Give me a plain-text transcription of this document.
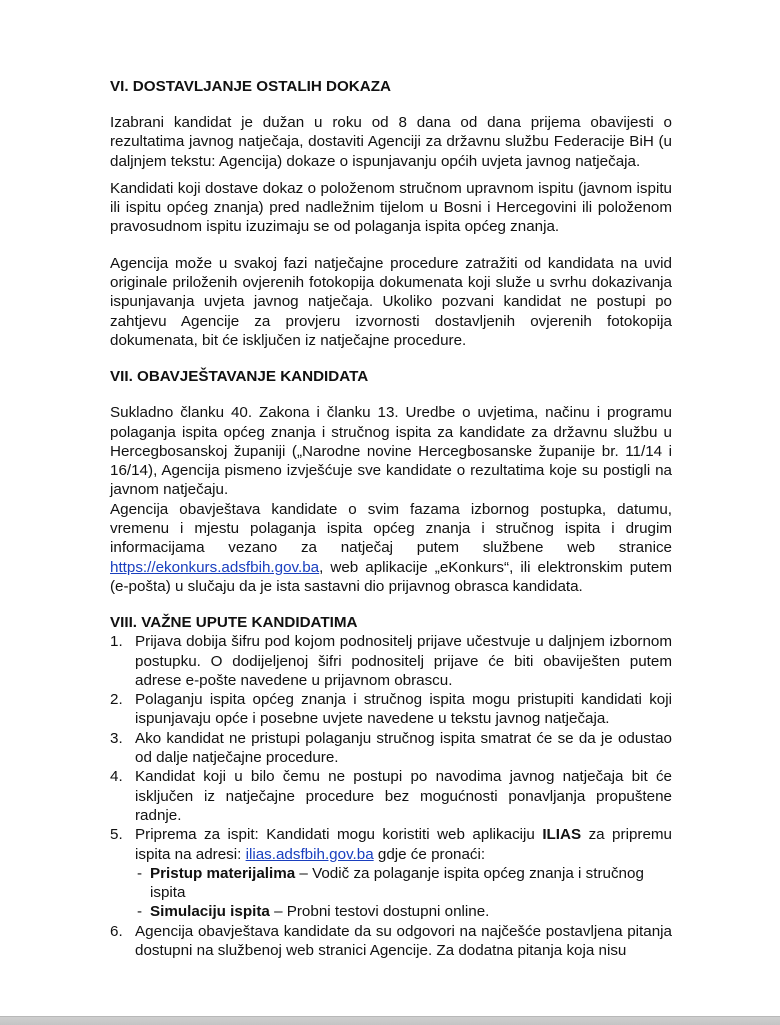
VI. DOSTAVLJANJE OSTALIH DOKAZA

Izabrani kandidat je dužan u roku od 8 dana od dana prijema obavijesti o rezultatima javnog natječaja, dostaviti Agenciji za državnu službu Federacije BiH (u daljnjem tekstu: Agencija) dokaze o ispunjavanju općih uvjeta javnog natječaja.

Kandidati koji dostave dokaz o položenom stručnom upravnom ispitu (javnom ispitu ili ispitu općeg znanja) pred nadležnim tijelom u Bosni i Hercegovini ili položenom pravosudnom ispitu izuzimaju se od polaganja ispita općeg znanja.

Agencija može u svakoj fazi natječajne procedure zatražiti od kandidata na uvid originale priloženih ovjerenih fotokopija dokumenata koji služe u svrhu dokazivanja ispunjavanja uvjeta javnog natječaja. Ukoliko pozvani kandidat ne postupi po zahtjevu Agencije za provjeru izvornosti dostavljenih ovjerenih fotokopija dokumenata, bit će isključen iz natječajne procedure.

VII. OBAVJEŠTAVANJE KANDIDATA

Sukladno članku 40. Zakona i članku 13. Uredbe o uvjetima, načinu i programu polaganja ispita općeg znanja i stručnog ispita za kandidate za državnu službu u Hercegbosanskoj županiji („Narodne novine Hercegbosanske županije br. 11/14 i 16/14), Agencija pismeno izvješćuje sve kandidate o rezultatima koje su postigli na javnom natječaju.

Agencija obavještava kandidate o svim fazama izbornog postupka, datumu, vremenu i mjestu polaganja ispita općeg znanja i stručnog ispita i drugim informacijama vezano za natječaj putem službene web stranice https://ekonkurs.adsfbih.gov.ba, web aplikacije „eKonkurs“, ili elektronskim putem (e-pošta) u slučaju da je ista sastavni dio prijavnog obrasca kandidata.

VIII. VAŽNE UPUTE KANDIDATIMA
1. Prijava dobija šifru pod kojom podnositelj prijave učestvuje u daljnjem izbornom postupku. O dodijeljenoj šifri podnositelj prijave će biti obaviješten putem adrese e-pošte navedene u prijavnom obrascu.
2. Polaganju ispita općeg znanja i stručnog ispita mogu pristupiti kandidati koji ispunjavaju opće i posebne uvjete navedene u tekstu javnog natječaja.
3. Ako kandidat ne pristupi polaganju stručnog ispita smatrat će se da je odustao od dalje natječajne procedure.
4. Kandidat koji u bilo čemu ne postupi po navodima javnog natječaja bit će isključen iz natječajne procedure bez mogućnosti ponavljanja propuštene radnje.
5. Priprema za ispit: Kandidati mogu koristiti web aplikaciju ILIAS za pripremu ispita na adresi: ilias.adsfbih.gov.ba gdje će pronaći:
- Pristup materijalima – Vodič za polaganje ispita općeg znanja i stručnog ispita
- Simulaciju ispita – Probni testovi dostupni online.
6. Agencija obavještava kandidate da su odgovori na najčešće postavljena pitanja dostupni na službenoj web stranici Agencije. Za dodatna pitanja koja nisu
